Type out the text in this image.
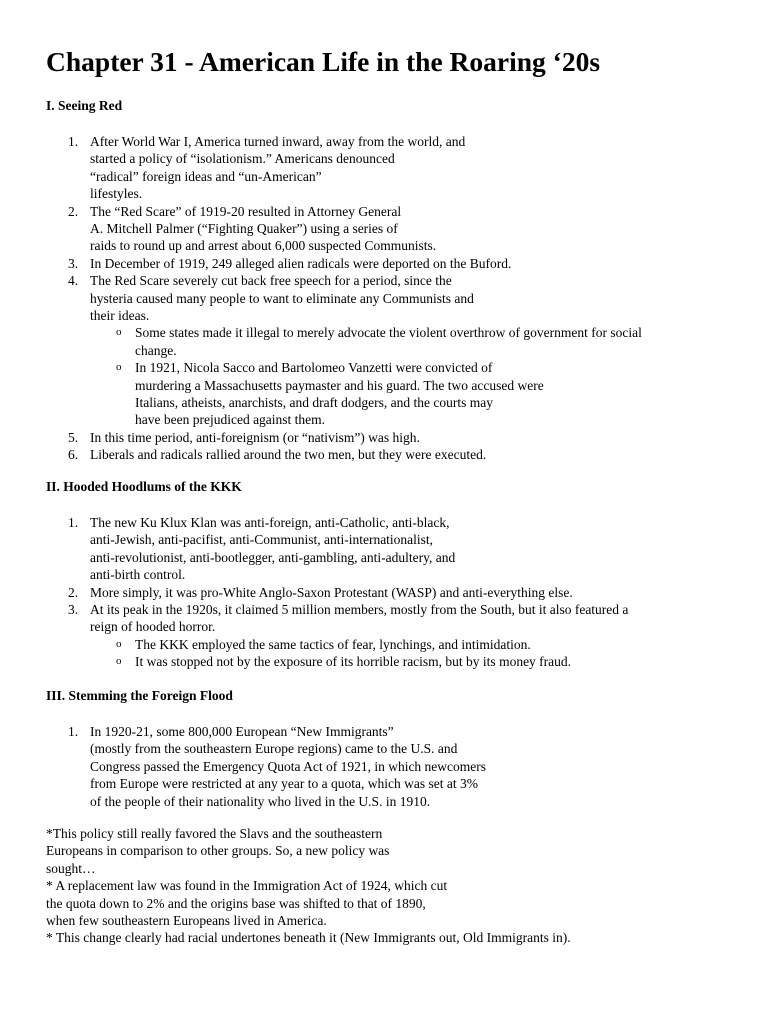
Chapter 31 - American Life in the Roaring ‘20s
I. Seeing Red
1. After World War I, America turned inward, away from the world, and

started a policy of “isolationism.” Americans denounced

“radical” foreign ideas and “un-American”

lifestyles.

2. The “Red Scare” of 1919-20 resulted in Attorney General

A. Mitchell Palmer (“Fighting Quaker”) using a series of

raids to round up and arrest about 6,000 suspected Communists.

3. In December of 1919, 249 alleged alien radicals were deported on the Buford.

4. The Red Scare severely cut back free speech for a period, since the

hysteria caused many people to want to eliminate any Communists and

their ideas.

o Some states made it illegal to merely advocate the violent overthrow of government for social

change.

o In 1921, Nicola Sacco and Bartolomeo Vanzetti were convicted of

murdering a Massachusetts paymaster and his guard. The two accused were

Italians, atheists, anarchists, and draft dodgers, and the courts may

have been prejudiced against them.

5. In this time period, anti-foreignism (or “nativism”) was high.

6. Liberals and radicals rallied around the two men, but they were executed.

II. Hooded Hoodlums of the KKK
1. The new Ku Klux Klan was anti-foreign, anti-Catholic, anti-black,

anti-Jewish, anti-pacifist, anti-Communist, anti-internationalist,

anti-revolutionist, anti-bootlegger, anti-gambling, anti-adultery, and

anti-birth control.

2. More simply, it was pro-White Anglo-Saxon Protestant (WASP) and anti-everything else.

3. At its peak in the 1920s, it claimed 5 million members, mostly from the South, but it also featured a

reign of hooded horror.

o The KKK employed the same tactics of fear, lynchings, and intimidation.

o It was stopped not by the exposure of its horrible racism, but by its money fraud.

III. Stemming the Foreign Flood
1. In 1920-21, some 800,000 European “New Immigrants”

(mostly from the southeastern Europe regions) came to the U.S. and

Congress passed the Emergency Quota Act of 1921, in which newcomers

from Europe were restricted at any year to a quota, which was set at 3%

of the people of their nationality who lived in the U.S. in 1910.

*This policy still really favored the Slavs and the southeastern

Europeans in comparison to other groups. So, a new policy was

sought…

* A replacement law was found in the Immigration Act of 1924, which cut

the quota down to 2% and the origins base was shifted to that of 1890,

when few southeastern Europeans lived in America.

* This change clearly had racial undertones beneath it (New Immigrants out, Old Immigrants in).
